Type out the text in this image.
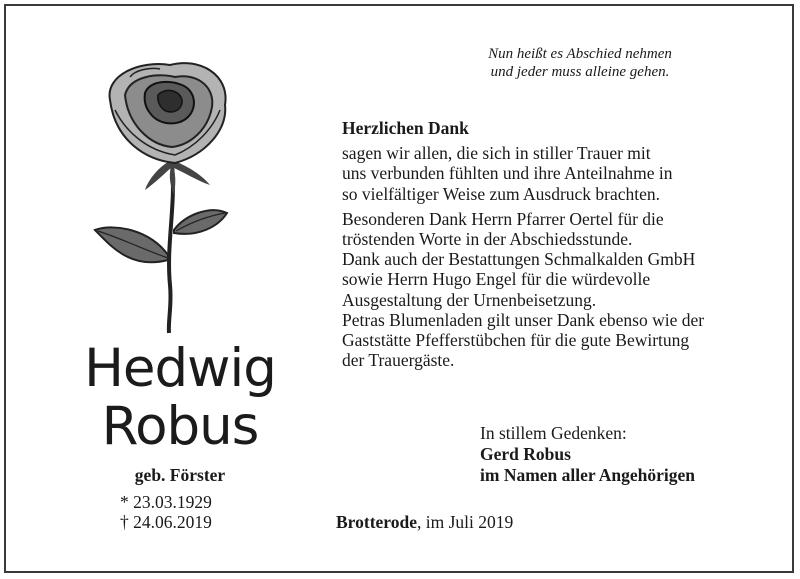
Nun heißt es Abschied nehmen
und jeder muss alleine gehen.
Herzlichen Dank
sagen wir allen, die sich in stiller Trauer mit
uns verbunden fühlten und ihre Anteilnahme in
so vielfältiger Weise zum Ausdruck brachten.
Besonderen Dank Herrn Pfarrer Oertel für die
tröstenden Worte in der Abschiedsstunde.
Dank auch der Bestattungen Schmalkalden GmbH
sowie Herrn Hugo Engel für die würdevolle
Ausgestaltung der Urnenbeisetzung.
Petras Blumenladen gilt unser Dank ebenso wie der
Gaststätte Pfefferstübchen für die gute Bewirtung
der Trauergäste.
Hedwig
Robus
geb. Förster
* 23.03.1929
† 24.06.2019
In stillem Gedenken:
Gerd Robus
im Namen aller Angehörigen
Brotterode, im Juli 2019
